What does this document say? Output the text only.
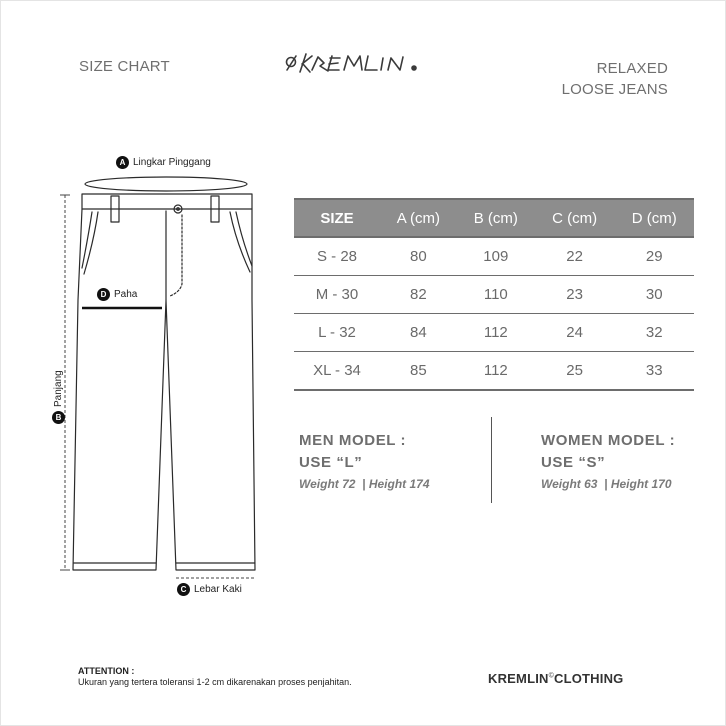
SIZE CHART	RELAXED
LOOSE JEANS
A Lingkar Pinggang
D Paha
C Lebar Kaki
B
Panjang
SIZE	A (cm)	B (cm)	C (cm)	D (cm)
S - 28	80	109	22	29
M - 30	82	110	23	30
L - 32	84	112	24	32
XL - 34	85	112	25	33
MEN MODEL :
USE “L”
Weight 72  | Height 174
WOMEN MODEL :
USE “S”
Weight 63  | Height 170
ATTENTION :
Ukuran yang tertera toleransi 1-2 cm dikarenakan proses penjahitan.	KREMLIN©CLOTHING
